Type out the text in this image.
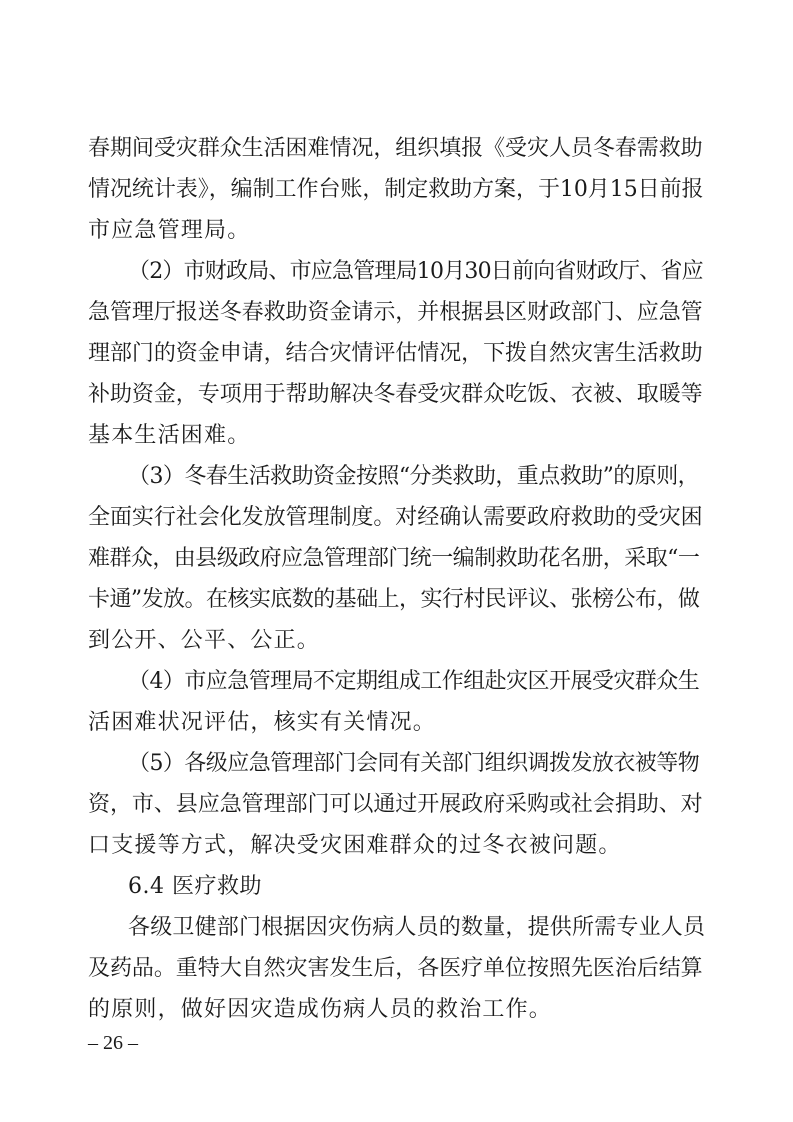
春期间受灾群众生活困难情况，组织填报《受灾人员冬春需救助
情况统计表》，编制工作台账，制定救助方案，于10月15日前报
市应急管理局。
（2）市财政局、市应急管理局10月30日前向省财政厅、省应
急管理厅报送冬春救助资金请示，并根据县区财政部门、应急管
理部门的资金申请，结合灾情评估情况，下拨自然灾害生活救助
补助资金，专项用于帮助解决冬春受灾群众吃饭、衣被、取暖等
基本生活困难。
（3）冬春生活救助资金按照“分类救助，重点救助”的原则，
全面实行社会化发放管理制度。对经确认需要政府救助的受灾困
难群众，由县级政府应急管理部门统一编制救助花名册，采取“一
卡通”发放。在核实底数的基础上，实行村民评议、张榜公布，做
到公开、公平、公正。
（4）市应急管理局不定期组成工作组赴灾区开展受灾群众生
活困难状况评估，核实有关情况。
（5）各级应急管理部门会同有关部门组织调拨发放衣被等物
资，市、县应急管理部门可以通过开展政府采购或社会捐助、对
口支援等方式，解决受灾困难群众的过冬衣被问题。
6.4 医疗救助
各级卫健部门根据因灾伤病人员的数量，提供所需专业人员
及药品。重特大自然灾害发生后，各医疗单位按照先医治后结算
的原则，做好因灾造成伤病人员的救治工作。
– 26 –
